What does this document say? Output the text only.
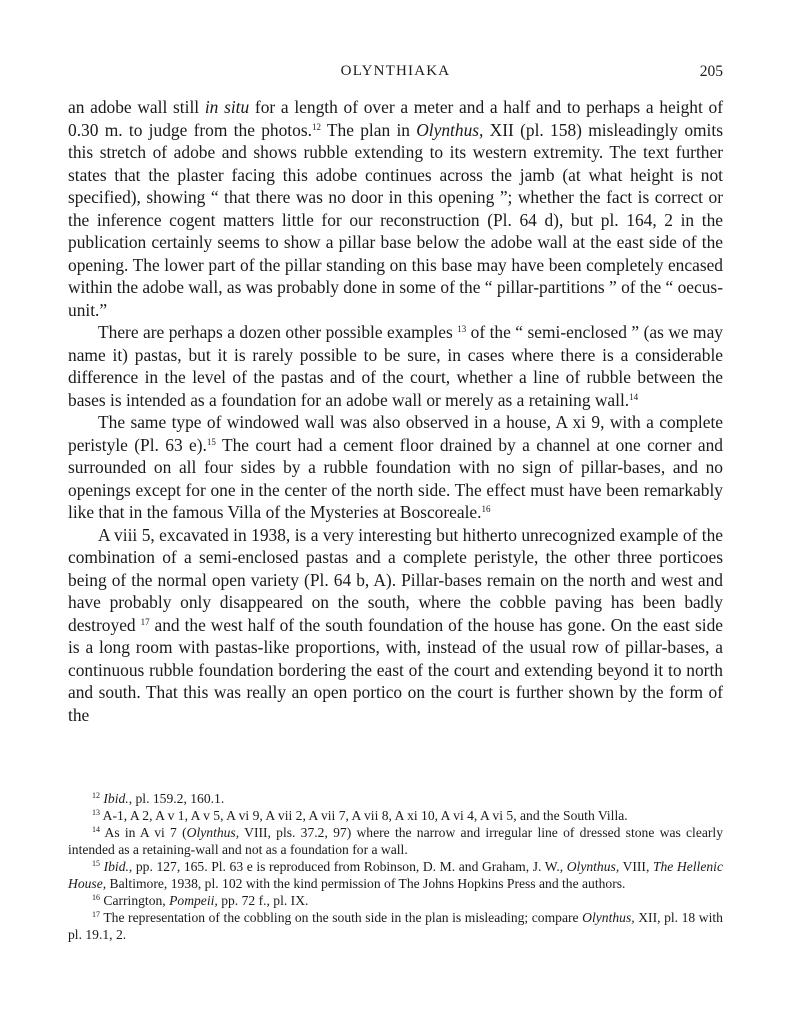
OLYNTHIAKA	205

an adobe wall still in situ for a length of over a meter and a half and to perhaps a height of 0.30 m. to judge from the photos.$^{12}$ The plan in Olynthus, XII (pl. 158) misleadingly omits this stretch of adobe and shows rubble extending to its western extremity. The text further states that the plaster facing this adobe continues across the jamb (at what height is not specified), showing “ that there was no door in this opening ”; whether the fact is correct or the inference cogent matters little for our reconstruction (Pl. 64 d), but pl. 164, 2 in the publication certainly seems to show a pillar base below the adobe wall at the east side of the opening. The lower part of the pillar standing on this base may have been completely encased within the adobe wall, as was probably done in some of the “ pillar-partitions ” of the “ oecus-unit.”

There are perhaps a dozen other possible examples $^{13}$ of the “ semi-enclosed ” (as we may name it) pastas, but it is rarely possible to be sure, in cases where there is a considerable difference in the level of the pastas and of the court, whether a line of rubble between the bases is intended as a foundation for an adobe wall or merely as a retaining wall.$^{14}$

The same type of windowed wall was also observed in a house, A xi 9, with a complete peristyle (Pl. 63 e).$^{15}$ The court had a cement floor drained by a channel at one corner and surrounded on all four sides by a rubble foundation with no sign of pillar-bases, and no openings except for one in the center of the north side. The effect must have been remarkably like that in the famous Villa of the Mysteries at Boscoreale.$^{16}$

A viii 5, excavated in 1938, is a very interesting but hitherto unrecognized example of the combination of a semi-enclosed pastas and a complete peristyle, the other three porticoes being of the normal open variety (Pl. 64 b, A). Pillar-bases remain on the north and west and have probably only disappeared on the south, where the cobble paving has been badly destroyed $^{17}$ and the west half of the south foundation of the house has gone. On the east side is a long room with pastas-like proportions, with, instead of the usual row of pillar-bases, a continuous rubble foundation bordering the east of the court and extending beyond it to north and south. That this was really an open portico on the court is further shown by the form of the

$^{12}$ Ibid., pl. 159.2, 160.1.

$^{13}$ A-1, A 2, A v 1, A v 5, A vi 9, A vii 2, A vii 7, A vii 8, A xi 10, A vi 4, A vi 5, and the South Villa.

$^{14}$ As in A vi 7 (Olynthus, VIII, pls. 37.2, 97) where the narrow and irregular line of dressed stone was clearly intended as a retaining-wall and not as a foundation for a wall.

$^{15}$ Ibid., pp. 127, 165. Pl. 63 e is reproduced from Robinson, D. M. and Graham, J. W., Olynthus, VIII, The Hellenic House, Baltimore, 1938, pl. 102 with the kind permission of The Johns Hopkins Press and the authors.

$^{16}$ Carrington, Pompeii, pp. 72 f., pl. IX.

$^{17}$ The representation of the cobbling on the south side in the plan is misleading; compare Olynthus, XII, pl. 18 with pl. 19.1, 2.
